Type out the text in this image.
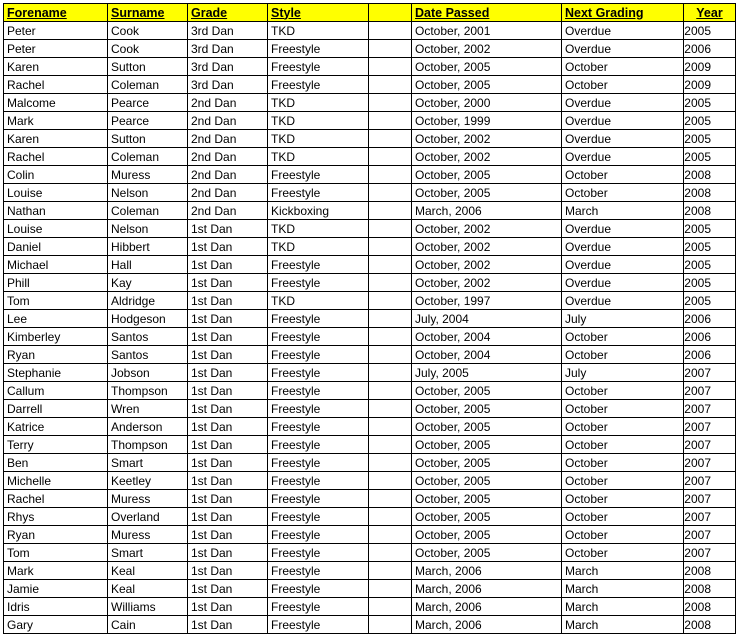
Forename	Surname	Grade	Style		Date Passed	Next Grading	Year
Peter	Cook	3rd Dan	TKD		October, 2001	Overdue	2005
Peter	Cook	3rd Dan	Freestyle		October, 2002	Overdue	2006
Karen	Sutton	3rd Dan	Freestyle		October, 2005	October	2009
Rachel	Coleman	3rd Dan	Freestyle		October, 2005	October	2009
Malcome	Pearce	2nd Dan	TKD		October, 2000	Overdue	2005
Mark	Pearce	2nd Dan	TKD		October, 1999	Overdue	2005
Karen	Sutton	2nd Dan	TKD		October, 2002	Overdue	2005
Rachel	Coleman	2nd Dan	TKD		October, 2002	Overdue	2005
Colin	Muress	2nd Dan	Freestyle		October, 2005	October	2008
Louise	Nelson	2nd Dan	Freestyle		October, 2005	October	2008
Nathan	Coleman	2nd Dan	Kickboxing		March, 2006	March	2008
Louise	Nelson	1st Dan	TKD		October, 2002	Overdue	2005
Daniel	Hibbert	1st Dan	TKD		October, 2002	Overdue	2005
Michael	Hall	1st Dan	Freestyle		October, 2002	Overdue	2005
Phill	Kay	1st Dan	Freestyle		October, 2002	Overdue	2005
Tom	Aldridge	1st Dan	TKD		October, 1997	Overdue	2005
Lee	Hodgeson	1st Dan	Freestyle		July, 2004	July	2006
Kimberley	Santos	1st Dan	Freestyle		October, 2004	October	2006
Ryan	Santos	1st Dan	Freestyle		October, 2004	October	2006
Stephanie	Jobson	1st Dan	Freestyle		July, 2005	July	2007
Callum	Thompson	1st Dan	Freestyle		October, 2005	October	2007
Darrell	Wren	1st Dan	Freestyle		October, 2005	October	2007
Katrice	Anderson	1st Dan	Freestyle		October, 2005	October	2007
Terry	Thompson	1st Dan	Freestyle		October, 2005	October	2007
Ben	Smart	1st Dan	Freestyle		October, 2005	October	2007
Michelle	Keetley	1st Dan	Freestyle		October, 2005	October	2007
Rachel	Muress	1st Dan	Freestyle		October, 2005	October	2007
Rhys	Overland	1st Dan	Freestyle		October, 2005	October	2007
Ryan	Muress	1st Dan	Freestyle		October, 2005	October	2007
Tom	Smart	1st Dan	Freestyle		October, 2005	October	2007
Mark	Keal	1st Dan	Freestyle		March, 2006	March	2008
Jamie	Keal	1st Dan	Freestyle		March, 2006	March	2008
Idris	Williams	1st Dan	Freestyle		March, 2006	March	2008
Gary	Cain	1st Dan	Freestyle		March, 2006	March	2008
